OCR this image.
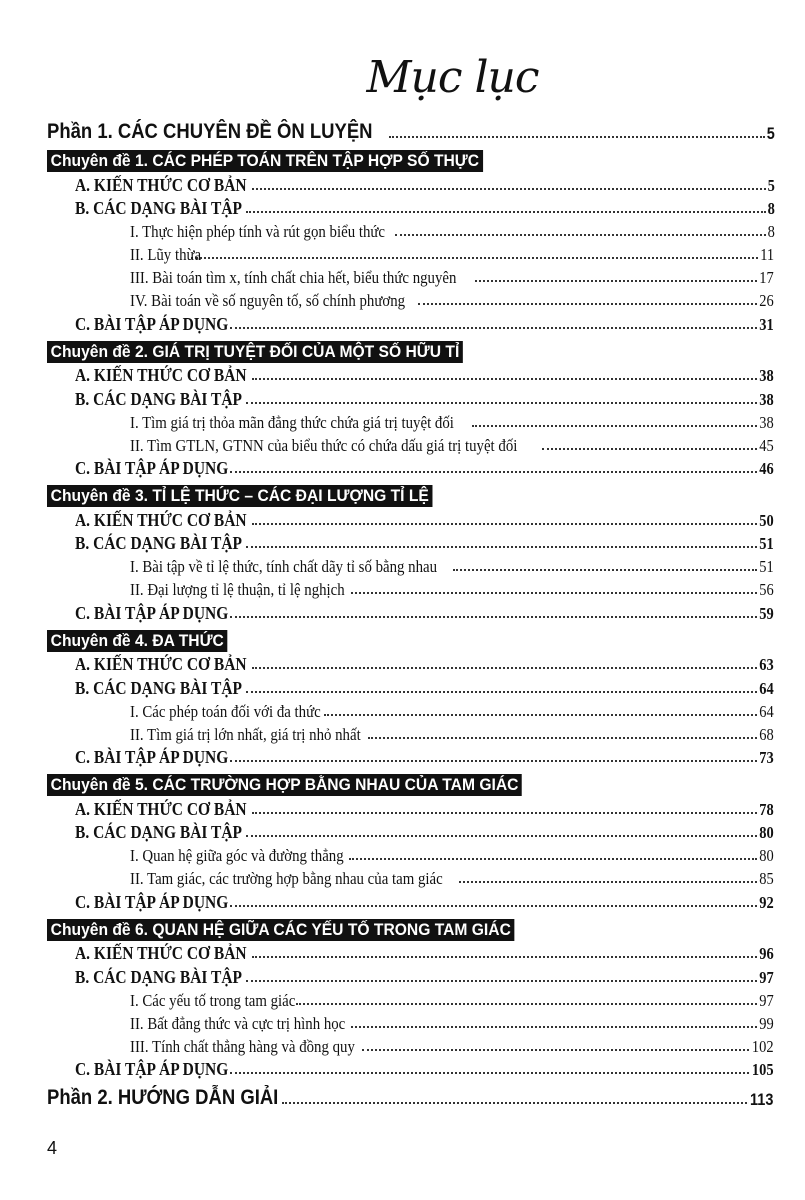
Mục lục
Phần 1. CÁC CHUYÊN ĐỀ ÔN LUYỆN	5
Chuyên đề 1. CÁC PHÉP TOÁN TRÊN TẬP HỢP SỐ THỰC
A. KIẾN THỨC CƠ BẢN	5
B. CÁC DẠNG BÀI TẬP	8
I. Thực hiện phép tính và rút gọn biểu thức	8
II. Lũy thừa	11
III. Bài toán tìm x, tính chất chia hết, biểu thức nguyên	17
IV. Bài toán về số nguyên tố, số chính phương	26
C. BÀI TẬP ÁP DỤNG	31
Chuyên đề 2. GIÁ TRỊ TUYỆT ĐỐI CỦA MỘT SỐ HỮU TỈ
A. KIẾN THỨC CƠ BẢN	38
B. CÁC DẠNG BÀI TẬP	38
I. Tìm giá trị thỏa mãn đẳng thức chứa giá trị tuyệt đối	38
II. Tìm GTLN, GTNN của biểu thức có chứa dấu giá trị tuyệt đối	45
C. BÀI TẬP ÁP DỤNG	46
Chuyên đề 3. TỈ LỆ THỨC – CÁC ĐẠI LƯỢNG TỈ LỆ
A. KIẾN THỨC CƠ BẢN	50
B. CÁC DẠNG BÀI TẬP	51
I. Bài tập về tỉ lệ thức, tính chất dãy tỉ số bằng nhau	51
II. Đại lượng tỉ lệ thuận, tỉ lệ nghịch	56
C. BÀI TẬP ÁP DỤNG	59
Chuyên đề 4. ĐA THỨC
A. KIẾN THỨC CƠ BẢN	63
B. CÁC DẠNG BÀI TẬP	64
I. Các phép toán đối với đa thức	64
II. Tìm giá trị lớn nhất, giá trị nhỏ nhất	68
C. BÀI TẬP ÁP DỤNG	73
Chuyên đề 5. CÁC TRƯỜNG HỢP BẰNG NHAU CỦA TAM GIÁC
A. KIẾN THỨC CƠ BẢN	78
B. CÁC DẠNG BÀI TẬP	80
I. Quan hệ giữa góc và đường thẳng	80
II. Tam giác, các trường hợp bằng nhau của tam giác	85
C. BÀI TẬP ÁP DỤNG	92
Chuyên đề 6. QUAN HỆ GIỮA CÁC YẾU TỐ TRONG TAM GIÁC
A. KIẾN THỨC CƠ BẢN	96
B. CÁC DẠNG BÀI TẬP	97
I. Các yếu tố trong tam giác	97
II. Bất đẳng thức và cực trị hình học	99
III. Tính chất thẳng hàng và đồng quy	102
C. BÀI TẬP ÁP DỤNG	105
Phần 2. HƯỚNG DẪN GIẢI	113
4
